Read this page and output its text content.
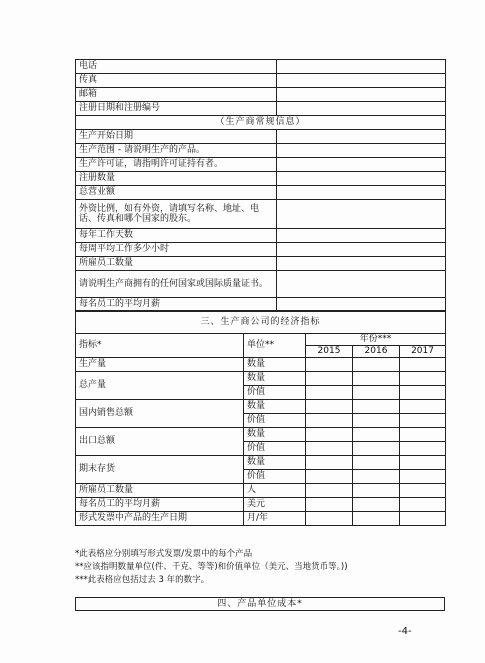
电话	
传真	
邮箱	
注册日期和注册编号	
（生产商常规信息）	
生产开始日期	
生产范围 - 请说明生产的产品。	
生产许可证，请指明许可证持有者。	
注册数量	
总营业额	
外资比例，如有外资，请填写名称、地址、电话、传真和哪个国家的股东。	
每年工作天数	
每周平均工作多少小时	
所雇员工数量	
请说明生产商拥有的任何国家或国际质量证书。	
每名员工的平均月薪	
三、生产商公司的经济指标				
指标*	单位**	年份***		
		2015	2016	2017
生产量	数量			
总产量	数量			
	价值			
国内销售总额	数量			
	价值			
出口总额	数量			
	价值			
期末存货	数量			
	价值			
所雇员工数量	人			
每名员工的平均月薪	美元			
形式发票中产品的生产日期	月/年			
*此表格应分别填写形式发票/发票中的每个产品
**应该指明数量单位(件、千克、等等)和价值单位（美元、当地货币等。))
***此表格应包括过去 3 年的数字。
四、产品单位成本*
-4-
